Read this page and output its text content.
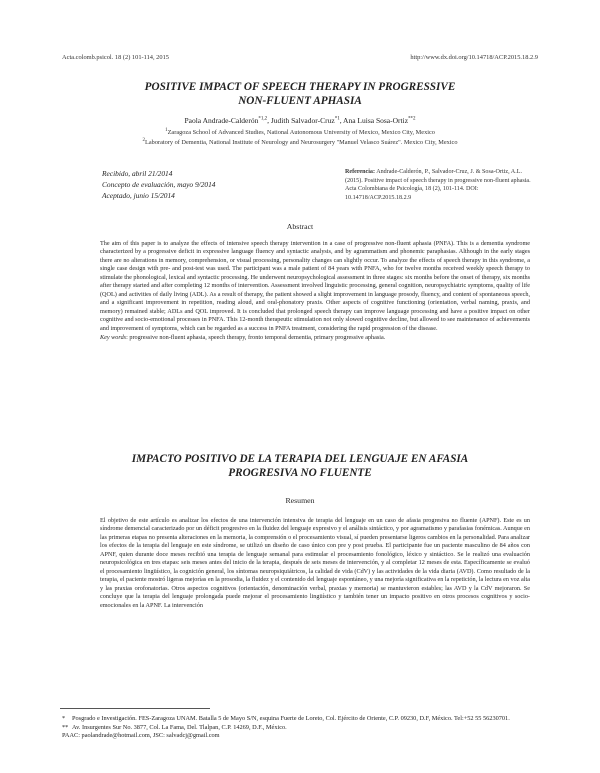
Acta.colomb.psicol. 18 (2) 101-114, 2015	http://www.dx.doi.org/10.14718/ACP.2015.18.2.9
POSITIVE IMPACT OF SPEECH THERAPY IN PROGRESSIVE
NON-FLUENT APHASIA
Paola Andrade-Calderón$^{*1,2}$, Judith Salvador-Cruz$^{*1}$, Ana Luisa Sosa-Ortiz$^{**2}$
$^1$Zaragoza School of Advanced Studies, National Autonomous University of Mexico, Mexico City, Mexico
$^2$Laboratory of Dementia, National Institute of Neurology and Neurosurgery "Manuel Velasco Suárez". Mexico City, Mexico
Recibido, abril 21/2014
Concepto de evaluación, mayo 9/2014
Aceptado, junio 15/2014
Referencia: Andrade-Calderón, P., Salvador-Cruz, J. & Sosa-Ortiz, A.L. (2015). Positive impact of speech therapy in progressive non-fluent aphasia. Acta Colombiana de Psicología, 18 (2), 101-114. DOI: 10.14718/ACP.2015.18.2.9
Abstract
The aim of this paper is to analyze the effects of intensive speech therapy intervention in a case of progressive non-fluent aphasia (PNFA). This is a dementia syndrome characterized by a progressive deficit in expressive language fluency and syntactic analysis, and by agrammatism and phonemic paraphasias. Although in the early stages there are no alterations in memory, comprehension, or visual processing, personality changes can slightly occur. To analyze the effects of speech therapy in this syndrome, a single case design with pre- and post-test was used. The participant was a male patient of 84 years with PNFA, who for twelve months received weekly speech therapy to stimulate the phonological, lexical and syntactic processing. He underwent neuropsychological assessment in three stages: six months before the onset of therapy, six months after therapy started and after completing 12 months of intervention. Assessment involved linguistic processing, general cognition, neuropsychiatric symptoms, quality of life (QOL) and activities of daily living (ADL). As a result of therapy, the patient showed a slight improvement in language prosody, fluency, and content of spontaneous speech, and a significant improvement in repetition, reading aloud, and oral-phonatory praxis. Other aspects of cognitive functioning (orientation, verbal naming, praxis, and memory) remained stable; ADLs and QOL improved. It is concluded that prolonged speech therapy can improve language processing and have a positive impact on other cognitive and socio-emotional processes in PNFA. This 12-month therapeutic stimulation not only slowed cognitive decline, but allowed to see maintenance of achievements and improvement of symptoms, which can be regarded as a success in PNFA treatment, considering the rapid progression of the disease.
Key words: progressive non-fluent aphasia, speech therapy, fronto temporal dementia, primary progressive aphasia.
IMPACTO POSITIVO DE LA TERAPIA DEL LENGUAJE EN AFASIA
PROGRESIVA NO FLUENTE
Resumen
El objetivo de este artículo es analizar los efectos de una intervención intensiva de terapia del lenguaje en un caso de afasia progresiva no fluente (APNF). Este es un síndrome demencial caracterizado por un déficit progresivo en la fluidez del lenguaje expresivo y el análisis sintáctico, y por agramatismo y parafasias fonémicas. Aunque en las primeras etapas no presenta alteraciones en la memoria, la comprensión o el procesamiento visual, sí pueden presentarse ligeros cambios en la personalidad. Para analizar los efectos de la terapia del lenguaje en este síndrome, se utilizó un diseño de caso único con pre y post prueba. El participante fue un paciente masculino de 84 años con APNF, quien durante doce meses recibió una terapia de lenguaje semanal para estimular el procesamiento fonológico, léxico y sintáctico. Se le realizó una evaluación neuropsicológica en tres etapas: seis meses antes del inicio de la terapia, después de seis meses de intervención, y al completar 12 meses de esta. Específicamente se evaluó el procesamiento lingüístico, la cognición general, los síntomas neuropsiquiátricos, la calidad de vida (CdV) y las actividades de la vida diaria (AVD). Como resultado de la terapia, el paciente mostró ligeras mejorías en la prosodia, la fluidez y el contenido del lenguaje espontáneo, y una mejoría significativa en la repetición, la lectura en voz alta y las praxias orofonatorias. Otros aspectos cognitivos (orientación, denominación verbal, praxias y memoria) se mantuvieron estables; las AVD y la CdV mejoraron. Se concluye que la terapia del lenguaje prolongada puede mejorar el procesamiento lingüístico y también tener un impacto positivo en otros procesos cognitivos y socio-emocionales en la APNF. La intervención
* Posgrado e Investigación. FES-Zaragoza UNAM. Batalla 5 de Mayo S/N, esquina Fuerte de Loreto, Col. Ejército de Oriente, C.P. 09230, D.F, México. Tel:+52 55 56230701.
** Av. Insurgentes Sur No. 3877, Col. La Fama, Del. Tlalpan, C.P. 14269, D.F., México.
PAAC: paolandrade@hotmail.com, JSC: salvadcj@gmail.com
